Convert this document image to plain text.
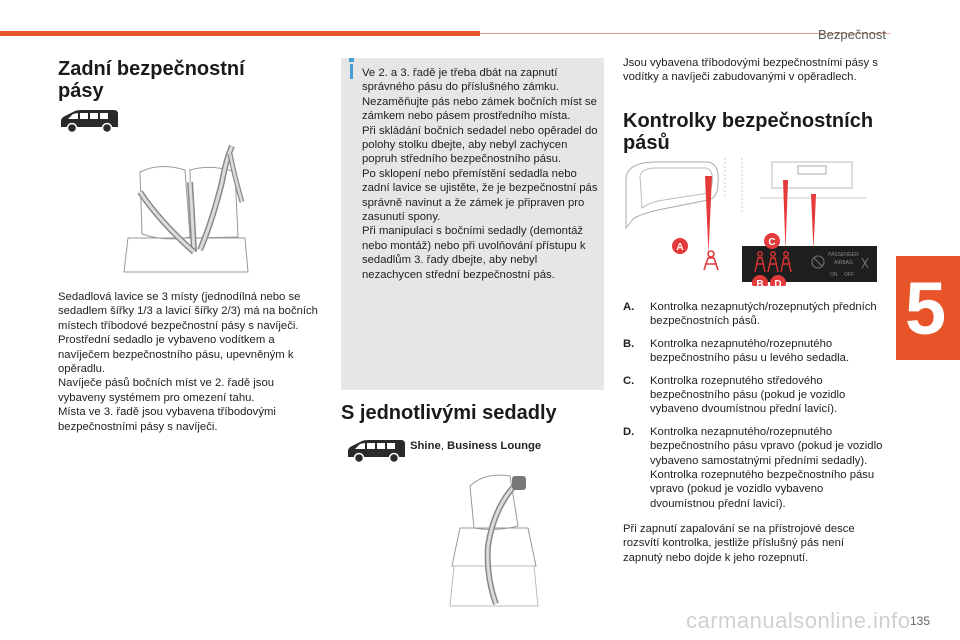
Bezpečnost
5
Zadní bezpečnostní pásy
Sedadlová lavice se 3 místy (jednodílná nebo se sedadlem šířky 1/3 a lavicí šířky 2/3) má na bočních místech tříbodové bezpečnostní pásy s navíječi.
Prostřední sedadlo je vybaveno vodítkem a navíječem bezpečnostního pásu, upevněným k opěradlu.
Navíječe pásů bočních míst ve 2. řadě jsou vybaveny systémem pro omezení tahu.
Místa ve 3. řadě jsou vybavena tříbodovými bezpečnostními pásy s navíječi.
Ve 2. a 3. řadě je třeba dbát na zapnutí správného pásu do příslušného zámku. Nezaměňujte pás nebo zámek bočních míst se zámkem nebo pásem prostředního místa.
Při skládání bočních sedadel nebo opěradel do polohy stolku dbejte, aby nebyl zachycen popruh středního bezpečnostního pásu.
Po sklopení nebo přemístění sedadla nebo zadní lavice se ujistěte, že je bezpečnostní pás správně navinut a že zámek je připraven pro zasunutí spony.
Při manipulaci s bočními sedadly (demontáž nebo montáž) nebo při uvolňování přístupu k sedadlům 3. řady dbejte, aby nebyl nezachycen střední bezpečnostní pás.
S jednotlivými sedadly
Shine, Business Lounge
Jsou vybavena tříbodovými bezpečnostními pásy s vodítky a navíječi zabudovanými v opěradlech.
Kontrolky bezpečnostních pásů
PASSENGER
AIRBAG
ON OFF
A
B
C
D
A.	Kontrolka nezapnutých/rozepnutých předních bezpečnostních pásů.
B.	Kontrolka nezapnutého/rozepnutého bezpečnostního pásu u levého sedadla.
C.	Kontrolka rozepnutého středového bezpečnostního pásu (pokud je vozidlo vybaveno dvoumístnou přední lavicí).
D.	Kontrolka nezapnutého/rozepnutého bezpečnostního pásu vpravo (pokud je vozidlo vybaveno samostatnými předními sedadly).
Kontrolka rozepnutého bezpečnostního pásu vpravo (pokud je vozidlo vybaveno dvoumístnou přední lavicí).
Při zapnutí zapalování se na přístrojové desce rozsvítí kontrolka, jestliže příslušný pás není zapnutý nebo dojde k jeho rozepnutí.
carmanualsonline.info 135
